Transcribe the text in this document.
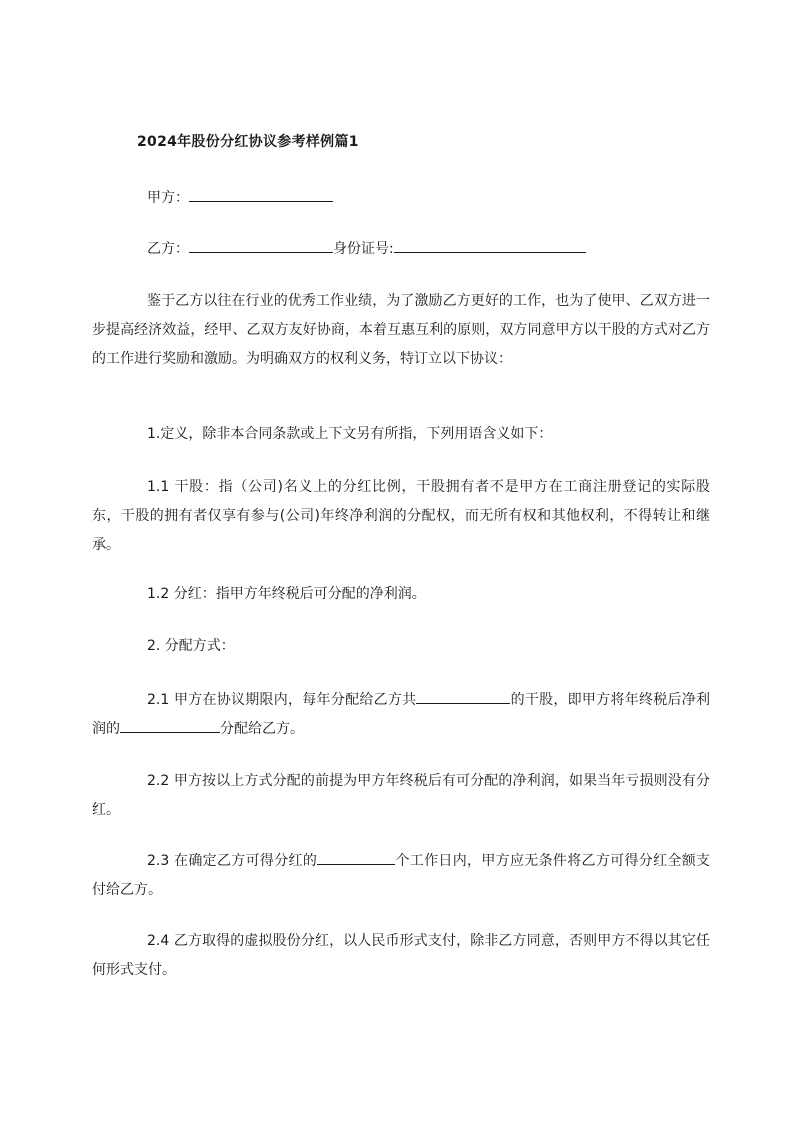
2024年股份分红协议参考样例篇1
甲方：
乙方：	身份证号:
鉴于乙方以往在行业的优秀工作业绩，为了激励乙方更好的工作，也为了使甲、乙双方进一步提高经济效益，经甲、乙双方友好协商，本着互惠互利的原则，双方同意甲方以干股的方式对乙方的工作进行奖励和激励。为明确双方的权利义务，特订立以下协议：
1.定义，除非本合同条款或上下文另有所指，下列用语含义如下：
1.1 干股：指（公司)名义上的分红比例，干股拥有者不是甲方在工商注册登记的实际股东，干股的拥有者仅享有参与(公司)年终净利润的分配权，而无所有权和其他权利，不得转让和继承。
1.2 分红：指甲方年终税后可分配的净利润。
2. 分配方式：
2.1 甲方在协议期限内，每年分配给乙方共	的干股，即甲方将年终税后净利润的	分配给乙方。
2.2 甲方按以上方式分配的前提为甲方年终税后有可分配的净利润，如果当年亏损则没有分红。
2.3 在确定乙方可得分红的	个工作日内，甲方应无条件将乙方可得分红全额支付给乙方。
2.4 乙方取得的虚拟股份分红，以人民币形式支付，除非乙方同意，否则甲方不得以其它任何形式支付。
